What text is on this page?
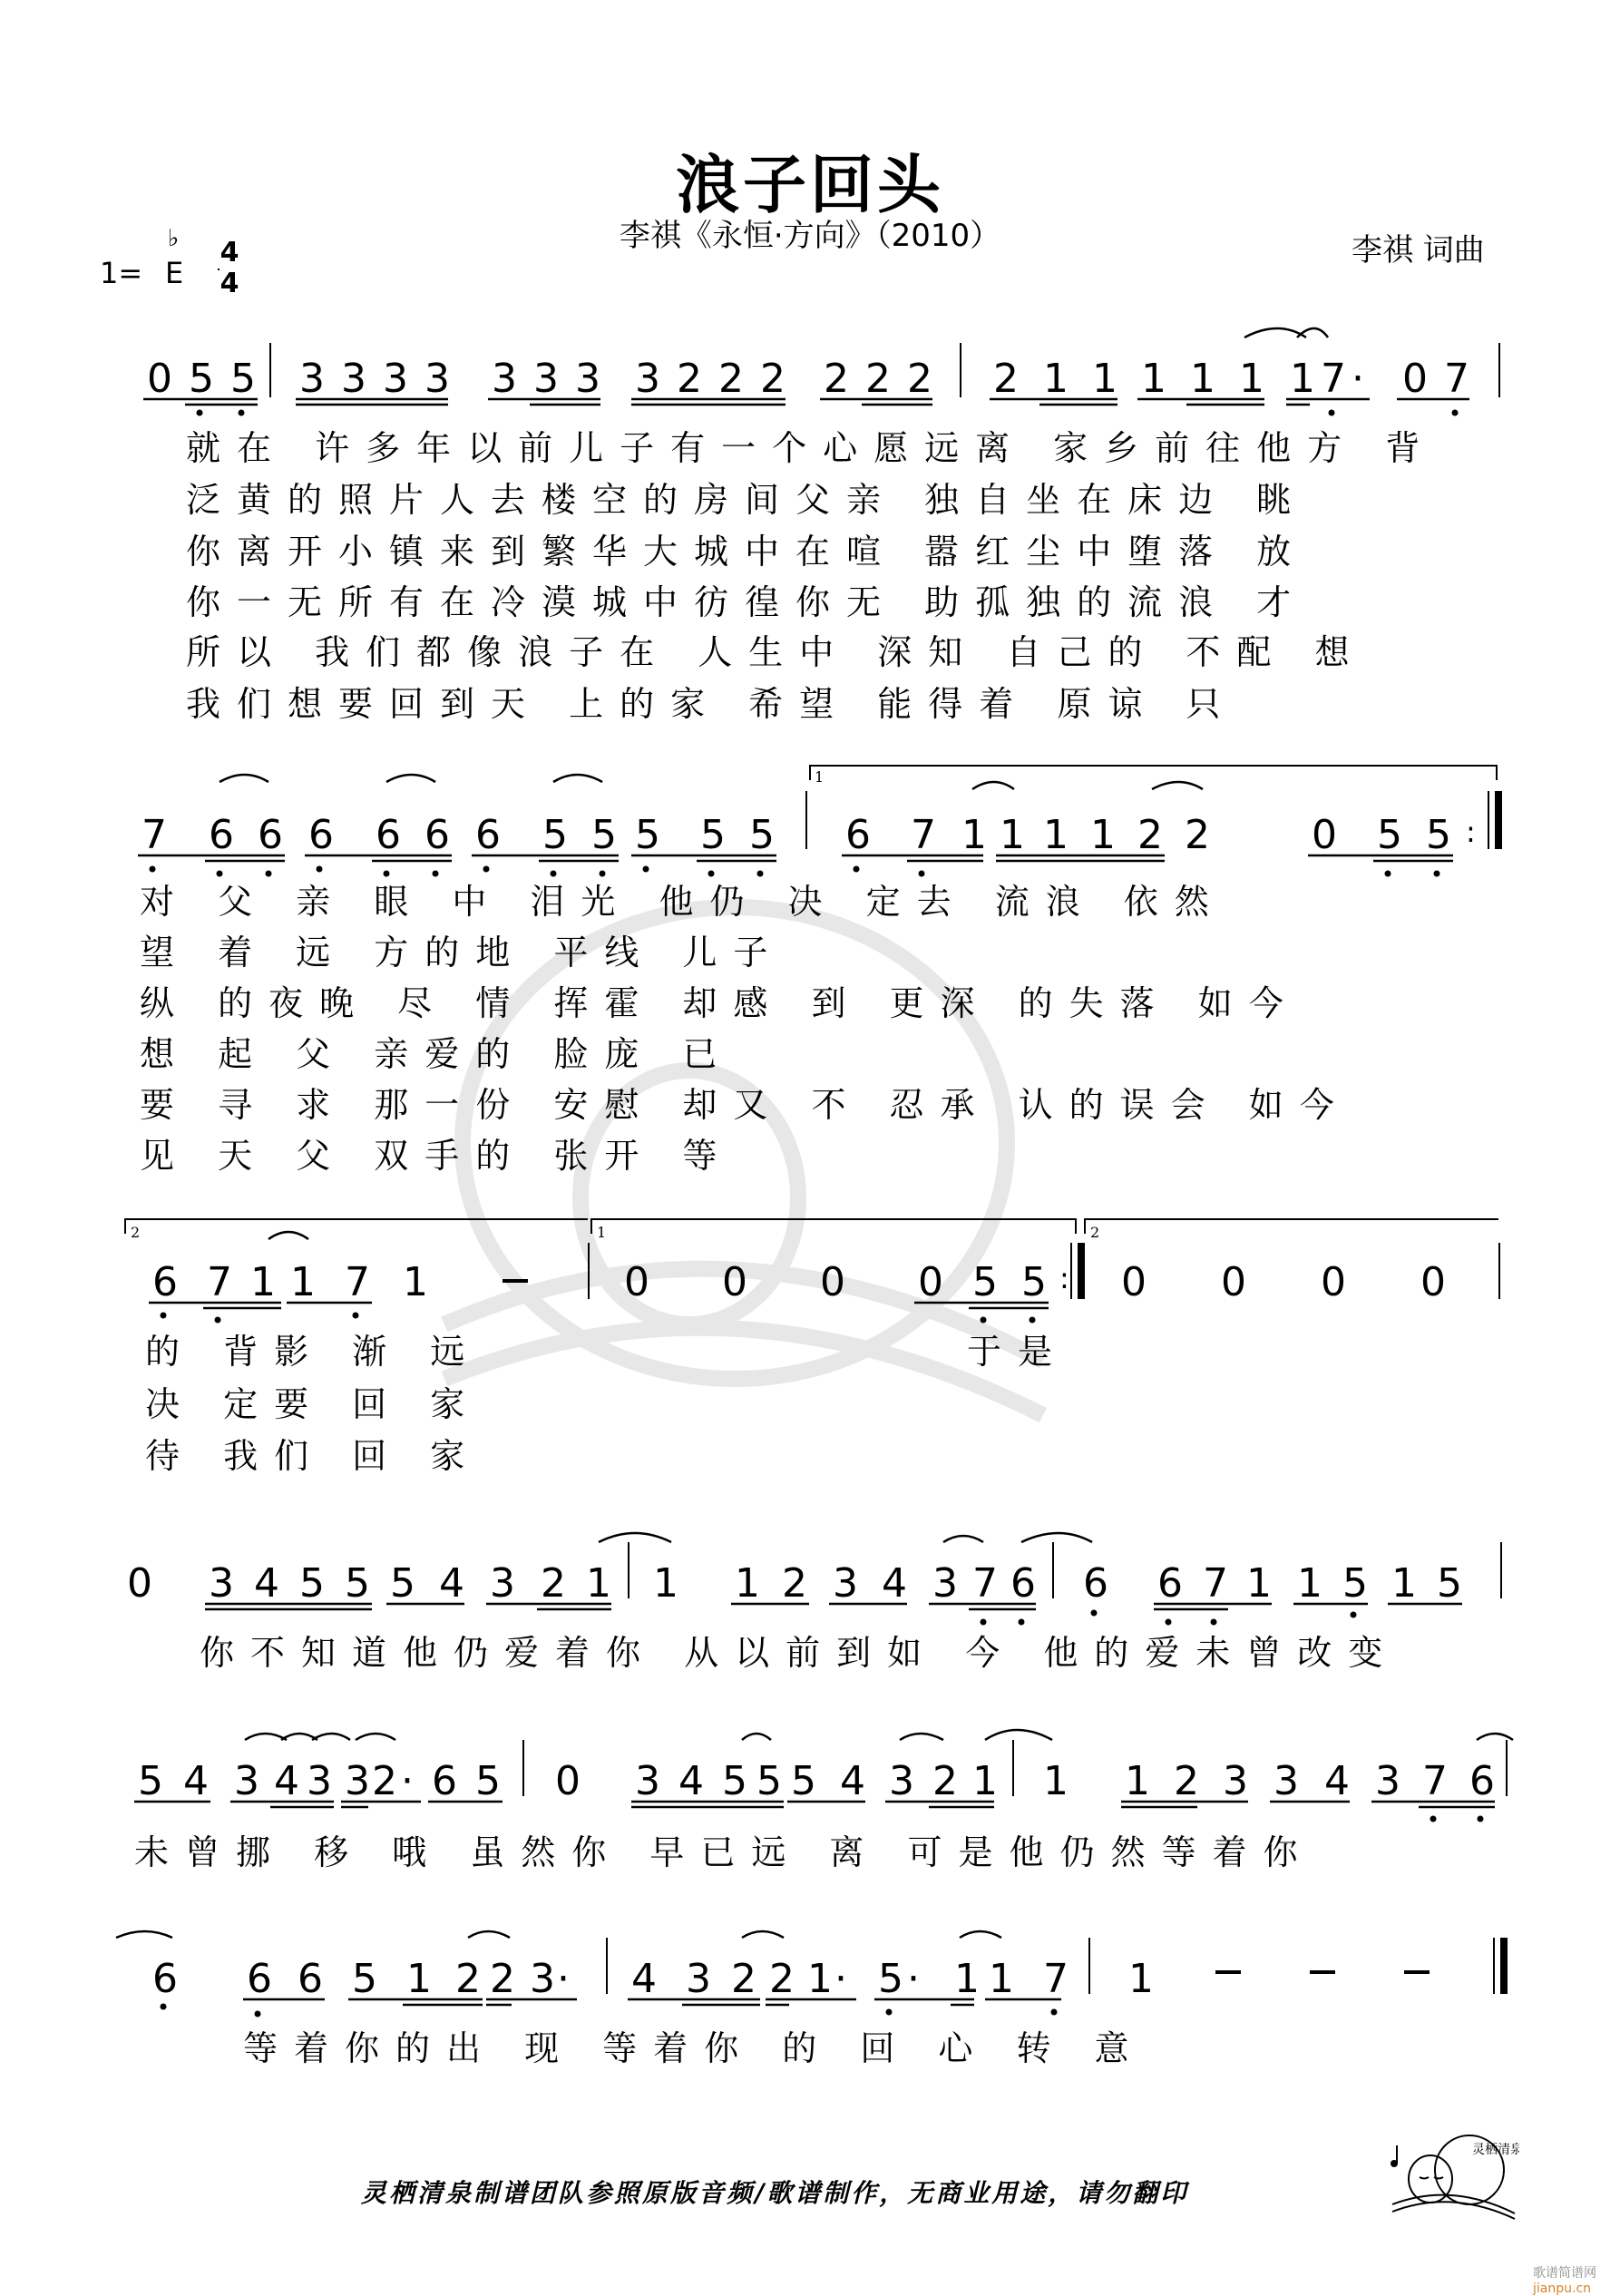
浪子回头
李祺《永恒·方向》（2010）	李祺 词曲
1=
♭
E
4
4
0 5 5 3 3 3 3 3 3 3 3 2 2 2 2 2 2 2 1 1 1 1 1 1 7 · 0 7
7 6 6 6 6 6 6 5 5 5 5 5 6 7 1 1 1 1 2 2	0 5 5 :
1
2	1	2
6 7 1 1 7 1	0 0 0 0 5 5 : 0 0 0 0
0 3 4 5 5 5 4 3 2 1 1 1 2 3 4 3 7 6 6 6 7 1 1 5 1 5
5 4 3 4 3 3 2 · 6 5 0 3 4 5 5 5 4 3 2 1 1 1 2 3 3 4 3 7 6
6 6 6 5 1 2 2 3 · 4 3 2 2 1 · 5 · 1 1 7 1
就在 许多年以前儿子有一个心愿远离 家乡前往他方 背
泛黄的照片人去楼空的房间父亲 独自坐在床边 眺
你离开小镇来到繁华大城中在喧 嚣红尘中堕落 放
你一无所有在冷漠城中彷徨你无 助孤独的流浪 才
所以 我们都像浪子在 人生中 深知 自己的 不配 想
我们想要回到天 上的家 希望 能得着 原谅 只
对 父 亲 眼 中 泪光 他仍 决 定去 流浪 依然
望 着 远 方的地 平线 儿子
纵 的夜晚 尽 情 挥霍 却感 到 更深 的失落 如今
想 起 父 亲爱的 脸庞 已
要 寻 求 那一份 安慰 却又 不 忍承 认的误会 如今
见 天 父 双手的 张开 等
的 背影 渐 远
决 定要 回 家
待 我们 回 家
于是
你不知道他仍爱着你 从以前到如 今 他的爱未曾改变
未曾挪 移 哦 虽然你 早已远 离 可是他仍然等着你
等着你的出 现 等着你 的 回 心 转 意
灵栖清泉制谱团队参照原版音频/歌谱制作，无商业用途，请勿翻印
灵栖清泉
歌谱简谱网 jianpu.cn
